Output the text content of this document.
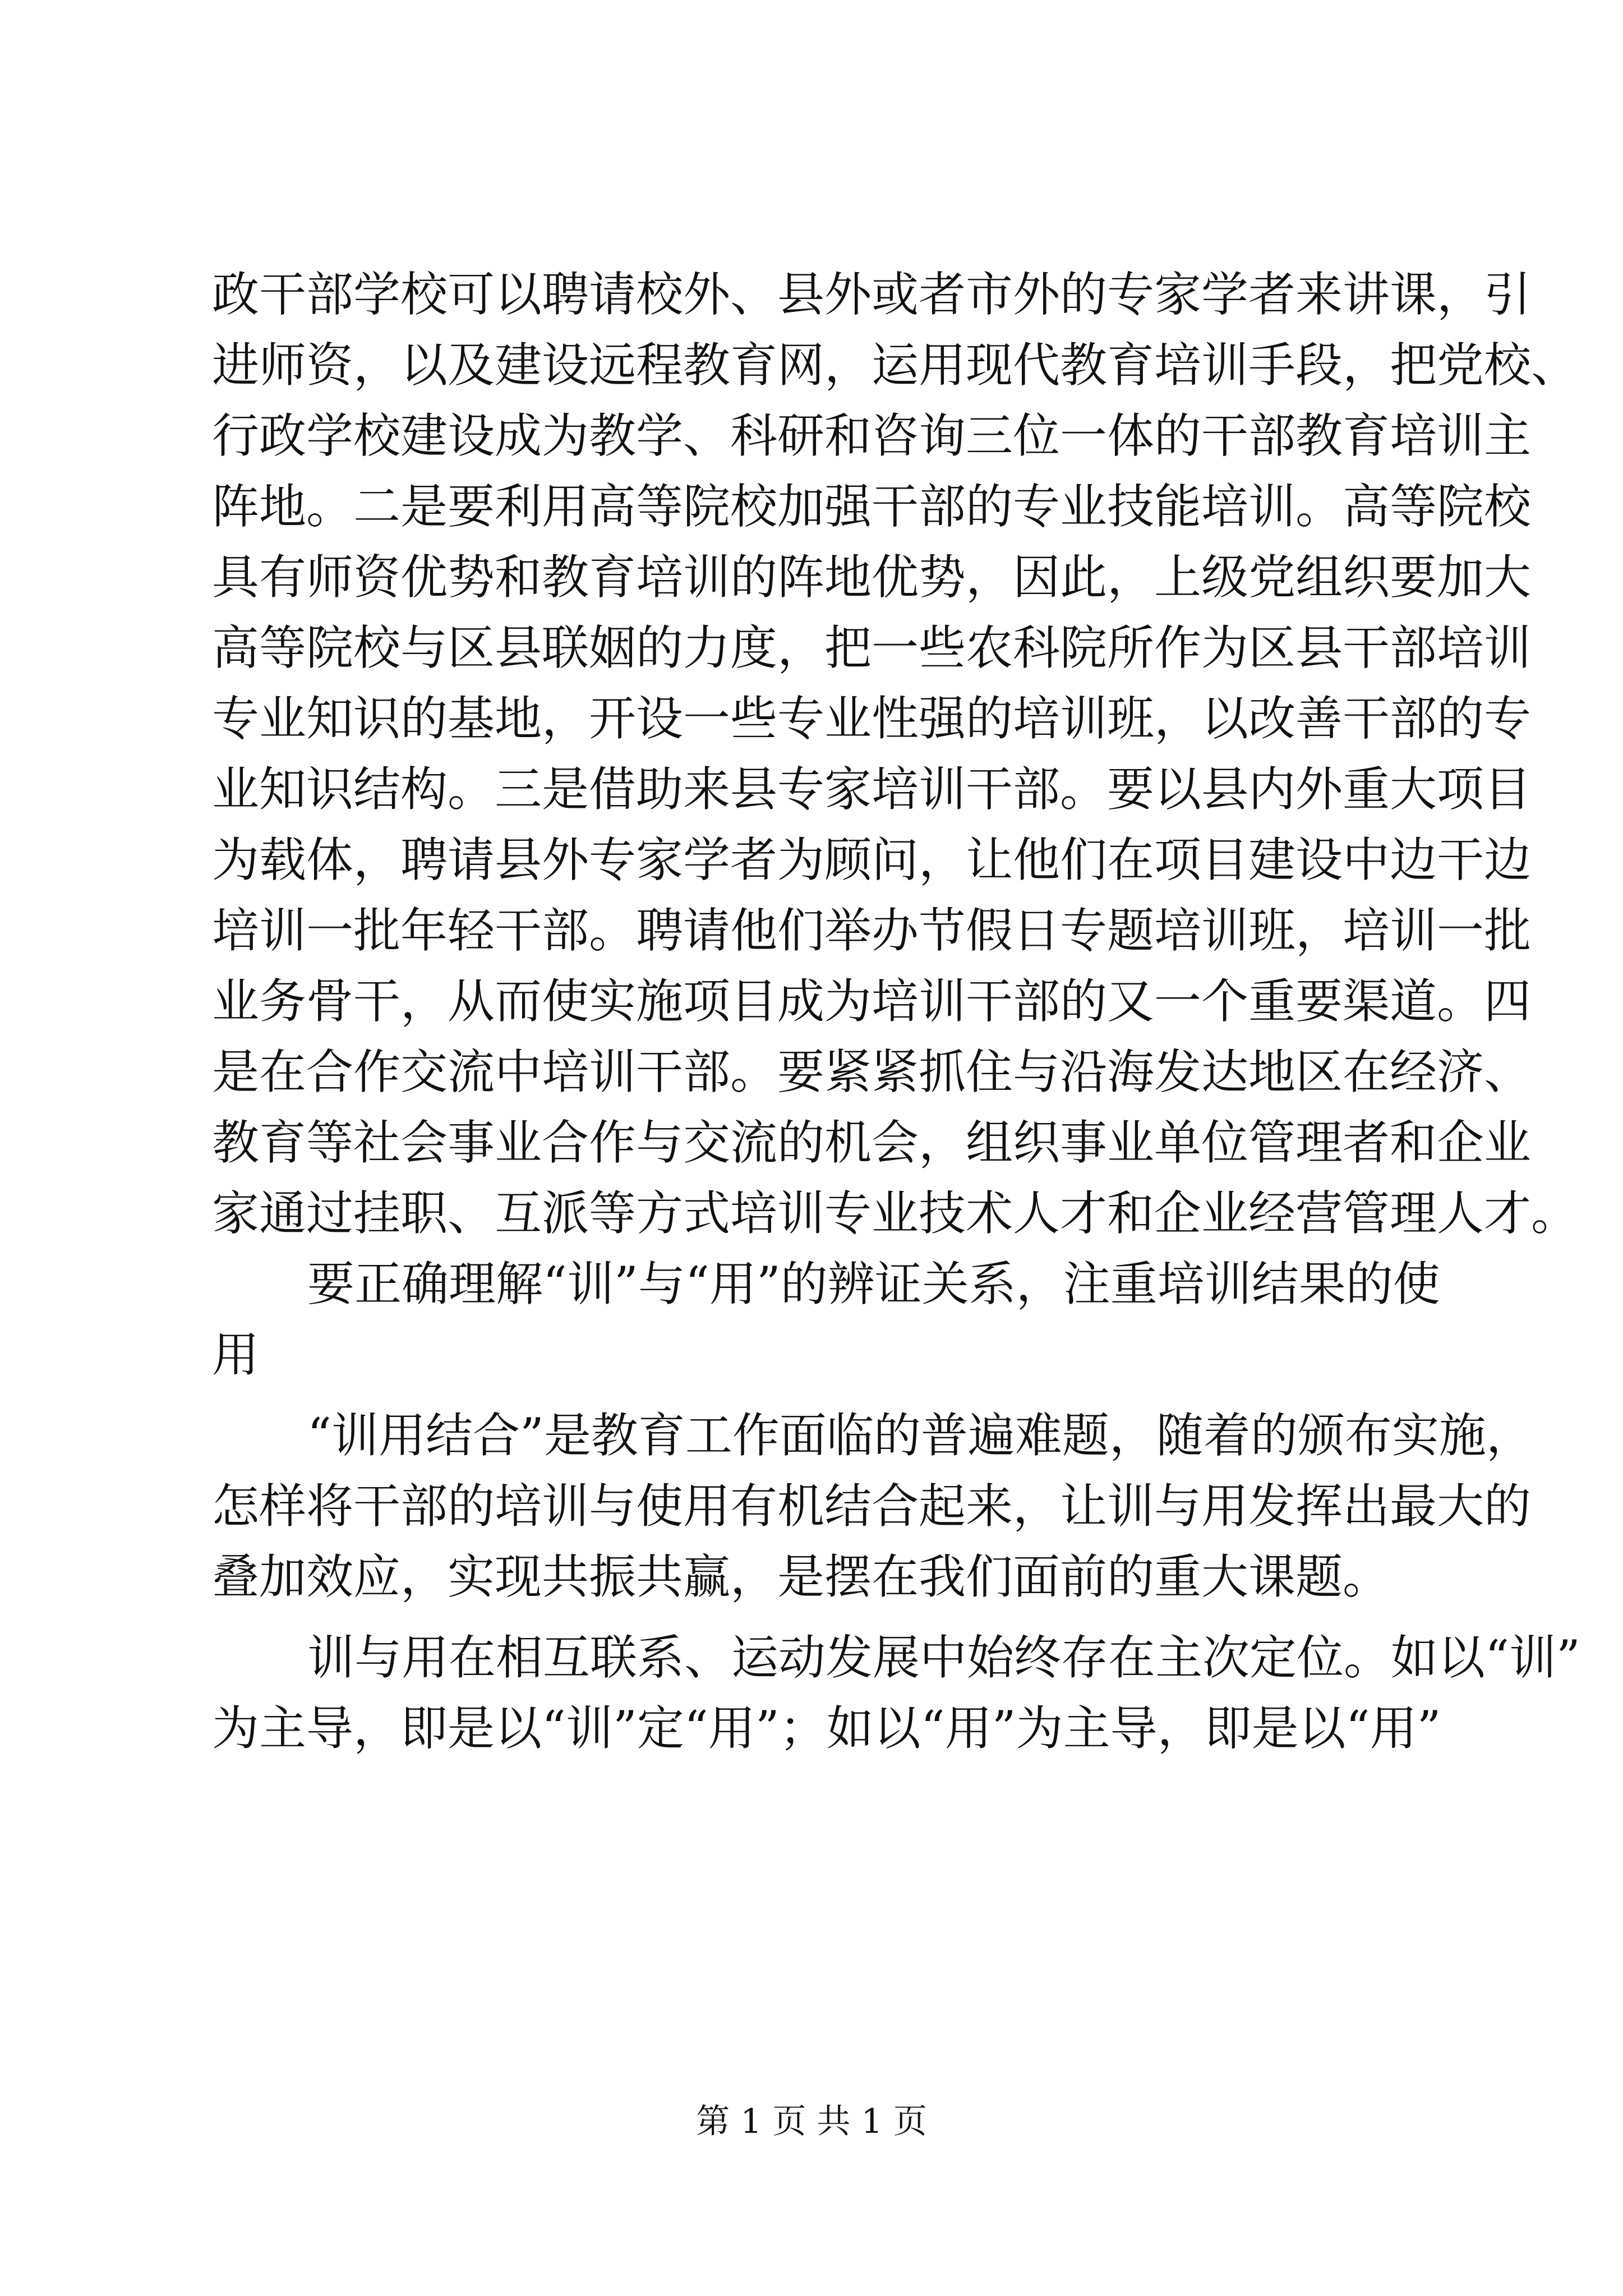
政干部学校可以聘请校外、县外或者市外的专家学者来讲课，引
进师资，以及建设远程教育网，运用现代教育培训手段，把党校、
行政学校建设成为教学、科研和咨询三位一体的干部教育培训主
阵地。二是要利用高等院校加强干部的专业技能培训。高等院校
具有师资优势和教育培训的阵地优势，因此，上级党组织要加大
高等院校与区县联姻的力度，把一些农科院所作为区县干部培训
专业知识的基地，开设一些专业性强的培训班，以改善干部的专
业知识结构。三是借助来县专家培训干部。要以县内外重大项目
为载体，聘请县外专家学者为顾问，让他们在项目建设中边干边
培训一批年轻干部。聘请他们举办节假日专题培训班，培训一批
业务骨干，从而使实施项目成为培训干部的又一个重要渠道。四
是在合作交流中培训干部。要紧紧抓住与沿海发达地区在经济、
教育等社会事业合作与交流的机会，组织事业单位管理者和企业
家通过挂职、互派等方式培训专业技术人才和企业经营管理人才。
要正确理解“训”与“用”的辨证关系，注重培训结果的使
用
“训用结合”是教育工作面临的普遍难题，随着的颁布实施，
怎样将干部的培训与使用有机结合起来，让训与用发挥出最大的
叠加效应，实现共振共赢，是摆在我们面前的重大课题。
训与用在相互联系、运动发展中始终存在主次定位。如以“训”
为主导，即是以“训”定“用”；如以“用”为主导，即是以“用”
第 1 页 共 1 页
